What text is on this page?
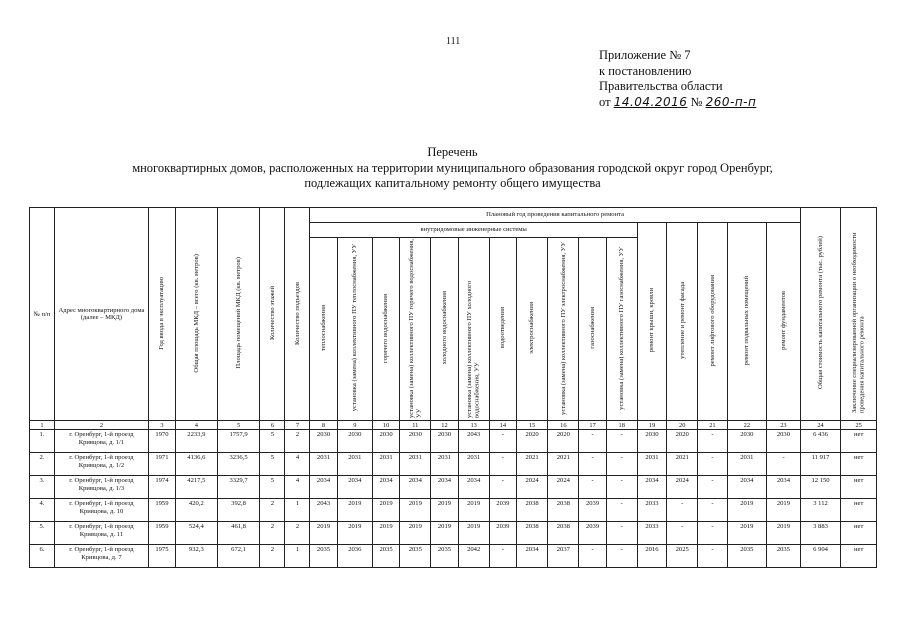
111
Приложение № 7
к постановлению
Правительства области
от 14.04.2016 № 260-п-п
Перечень
многоквартирных домов, расположенных на территории муниципального образования городской округ город Оренбург,
подлежащих капитальному ремонту общего имущества
№ п/п	Адрес многоквартирного дома (далее – МКД)	Год ввода в эксплуатацию	Общая площадь МКД – всего (кв. метров)	Площадь помещений МКД (кв. метров)	Количество этажей	Количество подъездов	Плановый год проведения капитального ремонта																Общая стоимость капитального ремонта (тыс. рублей)	Заключение специализированной организации о необходимости проведения капитального ремонта
							внутридомовые инженерные системы											ремонт крыши, кровли	утепление и ремонт фасада	ремонт лифтового оборудования	ремонт подвальных помещений	ремонт фундаментов		
							теплоснабжения	установка (замена) коллективного ПУ теплоснабжения, УУ	горячего водоснабжения	установка (замена) коллективного ПУ горячего водоснабжения, УУ	холодного водоснабжения	установка (замена) коллективного ПУ холодного водоснабжения, УУ	водоотведения	электроснабжения	установка (замена) коллективного ПУ электроснабжения, УУ	газоснабжения	установка (замена) коллективного ПУ газоснабжения, УУ							
1	2	3	4	5	6	7	8	9	10	11	12	13	14	15	16	17	18	19	20	21	22	23	24	25
1.	г. Оренбург, 1-й проезд Кривцова, д. 1/1	1970	2233,9	1757,9	5	2	2030	2030	2030	2030	2030	2043	-	2020	2020	-	-	2030	2020	-	2030	2030	6 436	нет
2.	г. Оренбург, 1-й проезд Кривцова, д. 1/2	1971	4136,6	3236,5	5	4	2031	2031	2031	2031	2031	2031	-	2021	2021	-	-	2031	2021	-	2031	-	11 917	нет
3.	г. Оренбург, 1-й проезд Кривцова, д. 1/3	1974	4217,5	3329,7	5	4	2034	2034	2034	2034	2034	2034	-	2024	2024	-	-	2034	2024	-	2034	2034	12 150	нет
4.	г. Оренбург, 1-й проезд Кривцова, д. 10	1959	420,2	392,8	2	1	2043	2019	2019	2019	2019	2019	2039	2038	2038	2039	-	2033	-	-	2019	2019	3 112	нет
5.	г. Оренбург, 1-й проезд Кривцова, д. 11	1959	524,4	461,8	2	2	2019	2019	2019	2019	2019	2019	2039	2038	2038	2039	-	2033	-	-	2019	2019	3 883	нет
6.	г. Оренбург, 1-й проезд Кривцова, д. 7	1975	932,3	672,1	2	1	2035	2036	2035	2035	2035	2042	-	2034	2037	-	-	2016	2025	-	2035	2035	6 904	нет
